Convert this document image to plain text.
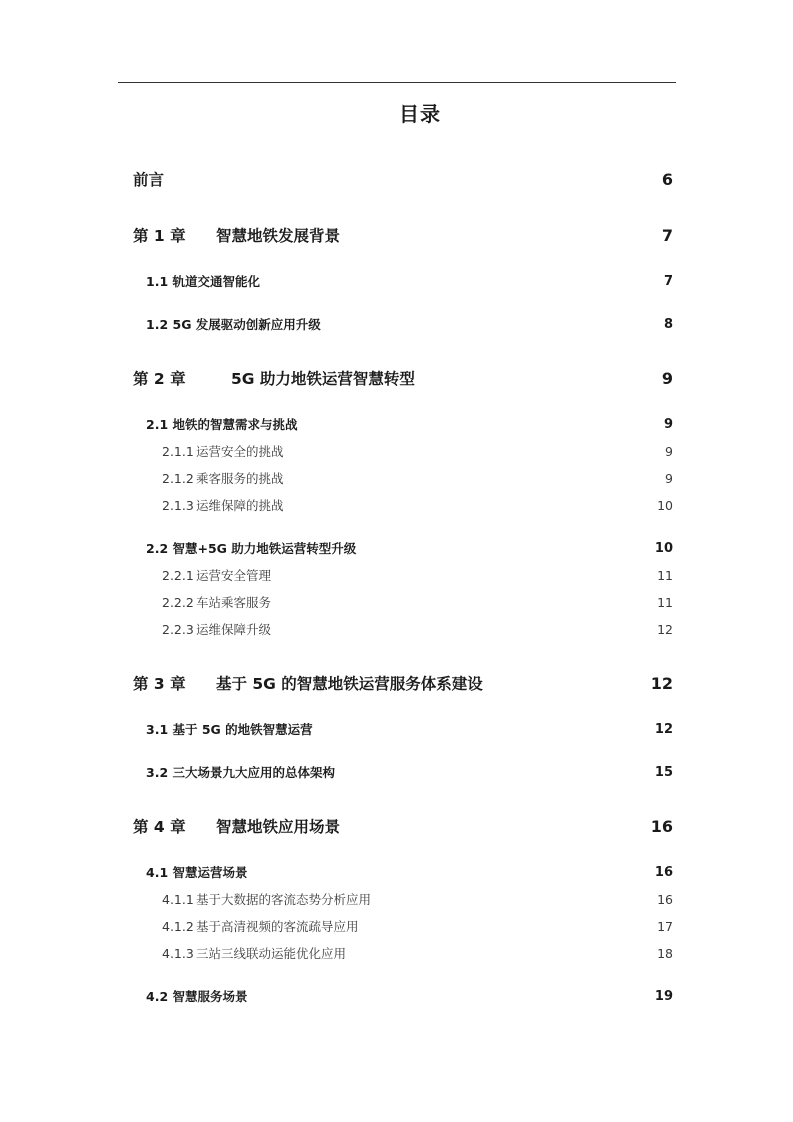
目录
前言	6
第 1 章	智慧地铁发展背景	7
1.1 轨道交通智能化	7
1.2 5G 发展驱动创新应用升级	8
第 2 章	5G 助力地铁运营智慧转型	9
2.1 地铁的智慧需求与挑战	9
2.1.1 运营安全的挑战	9
2.1.2 乘客服务的挑战	9
2.1.3 运维保障的挑战	10
2.2 智慧+5G 助力地铁运营转型升级	10
2.2.1 运营安全管理	11
2.2.2 车站乘客服务	11
2.2.3 运维保障升级	12
第 3 章	基于 5G 的智慧地铁运营服务体系建设	12
3.1 基于 5G 的地铁智慧运营	12
3.2 三大场景九大应用的总体架构	15
第 4 章	智慧地铁应用场景	16
4.1 智慧运营场景	16
4.1.1 基于大数据的客流态势分析应用	16
4.1.2 基于高清视频的客流疏导应用	17
4.1.3 三站三线联动运能优化应用	18
4.2 智慧服务场景	19
